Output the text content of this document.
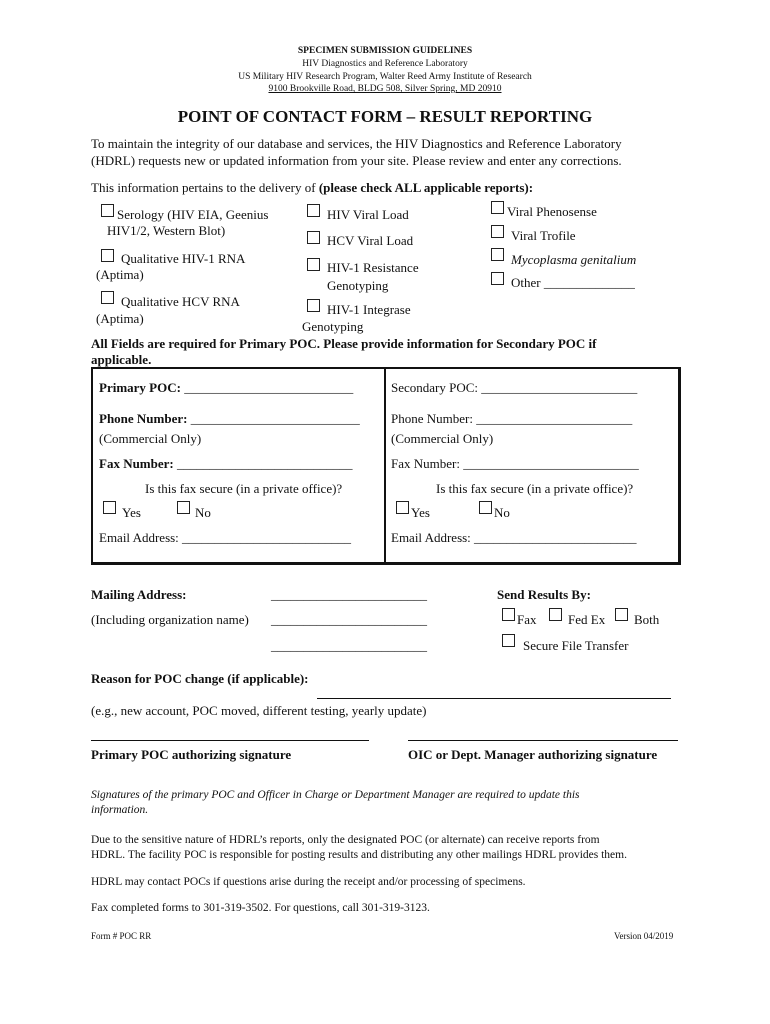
SPECIMEN SUBMISSION GUIDELINES
HIV Diagnostics and Reference Laboratory
US Military HIV Research Program, Walter Reed Army Institute of Research
9100 Brookville Road, BLDG 508, Silver Spring, MD 20910
POINT OF CONTACT FORM – RESULT REPORTING
To maintain the integrity of our database and services, the HIV Diagnostics and Reference Laboratory
(HDRL) requests new or updated information from your site. Please review and enter any corrections.
This information pertains to the delivery of (please check ALL applicable reports):
Serology (HIV EIA, Geenius
HIV1/2, Western Blot)
Qualitative HIV-1 RNA
(Aptima)
Qualitative HCV RNA
(Aptima)
HIV Viral Load
HCV Viral Load
HIV-1 Resistance
Genotyping
HIV-1 Integrase
Genotyping
Viral Phenosense
Viral Trofile
Mycoplasma genitalium
Other ______________
All Fields are required for Primary POC. Please provide information for Secondary POC if
applicable.
Primary POC: __________________________
Phone Number: __________________________
(Commercial Only)
Fax Number: ___________________________
Is this fax secure (in a private office)?
Yes	No
Email Address: __________________________
Secondary POC: ________________________
Phone Number: ________________________
(Commercial Only)
Fax Number: ___________________________
Is this fax secure (in a private office)?
Yes	No
Email Address: _________________________
Mailing Address:
(Including organization name)
________________________
________________________
________________________
Send Results By:
Fax Fed Ex Both
Secure File Transfer
Reason for POC change (if applicable):
(e.g., new account, POC moved, different testing, yearly update)
Primary POC authorizing signature	OIC or Dept. Manager authorizing signature
Signatures of the primary POC and Officer in Charge or Department Manager are required to update this
information.
Due to the sensitive nature of HDRL’s reports, only the designated POC (or alternate) can receive reports from
HDRL. The facility POC is responsible for posting results and distributing any other mailings HDRL provides them.
HDRL may contact POCs if questions arise during the receipt and/or processing of specimens.
Fax completed forms to 301-319-3502. For questions, call 301-319-3123.
Form # POC RR	Version 04/2019
